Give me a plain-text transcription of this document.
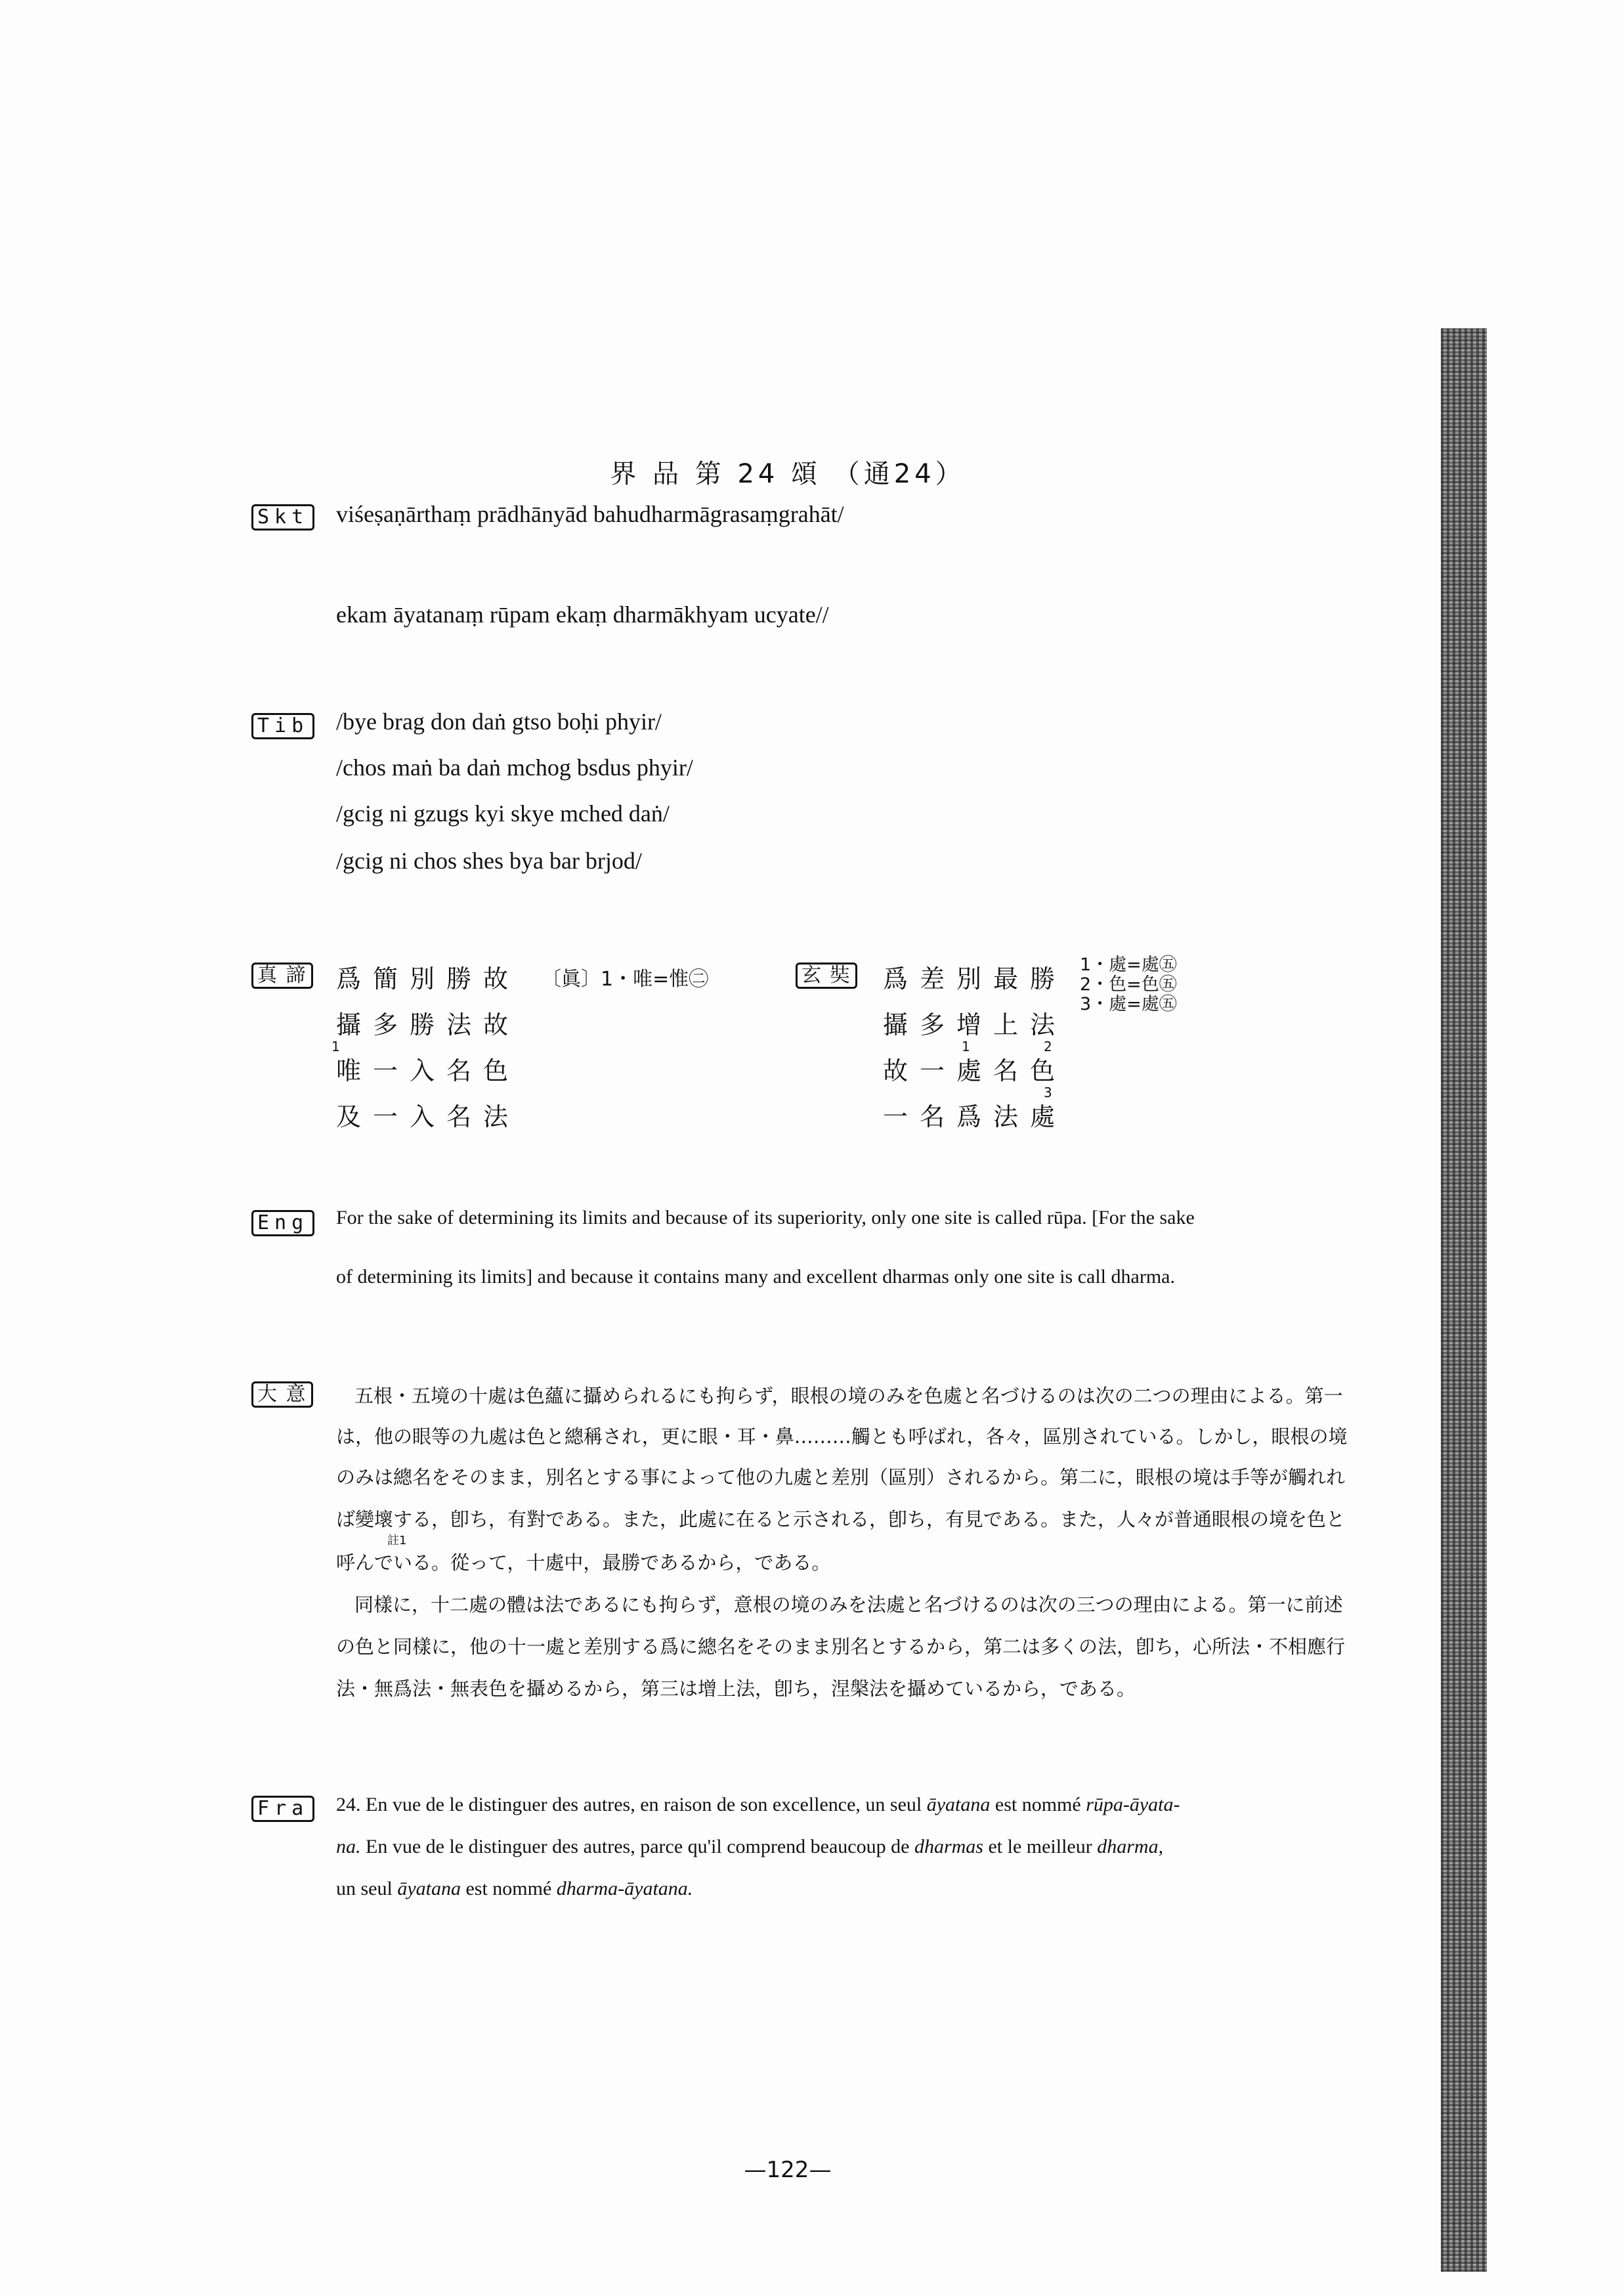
界 品 第 24 頌 （通24）
Skt viśeṣaṇārthaṃ prādhānyād bahudharmāgrasaṃgrahāt/
ekam āyatanaṃ rūpam ekaṃ dharmākhyam ucyate//
Tib /bye brag don daṅ gtso boḥi phyir/
/chos maṅ ba daṅ mchog bsdus phyir/
/gcig ni gzugs kyi skye mched daṅ/
/gcig ni chos shes bya bar brjod/
真 諦 爲簡別勝故
攝多勝法故
1
唯一入名色
及一入名法
〔眞〕1・唯=惟㊁	玄 奘 爲差別最勝
攝多增上法
1	2
故一處名色
3
一名爲法處
1・處=處㊄
2・色=色㊄
3・處=處㊄
Eng	For the sake of determining its limits and because of its superiority, only one site is called rūpa. [For the sake
of determining its limits] and because it contains many and excellent dharmas only one site is call dharma.
大 意	五根・五境の十處は色蘊に攝められるにも拘らず，眼根の境のみを色處と名づけるのは次の二つの理由による。第一
は，他の眼等の九處は色と總稱され，更に眼・耳・鼻………觸とも呼ばれ，各々，區別されている。しかし，眼根の境
のみは總名をそのまま，別名とする事によって他の九處と差別（區別）されるから。第二に，眼根の境は手等が觸れれ
ば變壞する，卽ち，有對である。また，此處に在ると示される，卽ち，有見である。また，人々が普通眼根の境を色と
呼んでいる。從って，十處中，最勝であるから，である。
註1
同樣に，十二處の體は法であるにも拘らず，意根の境のみを法處と名づけるのは次の三つの理由による。第一に前述
の色と同樣に，他の十一處と差別する爲に總名をそのまま別名とするから，第二は多くの法，卽ち，心所法・不相應行
法・無爲法・無表色を攝めるから，第三は增上法，卽ち，涅槃法を攝めているから，である。
Fra	24. En vue de le distinguer des autres, en raison de son excellence, un seul āyatana est nommé rūpa-āyata-
na. En vue de le distinguer des autres, parce qu'il comprend beaucoup de dharmas et le meilleur dharma,
un seul āyatana est nommé dharma-āyatana.
—122—
